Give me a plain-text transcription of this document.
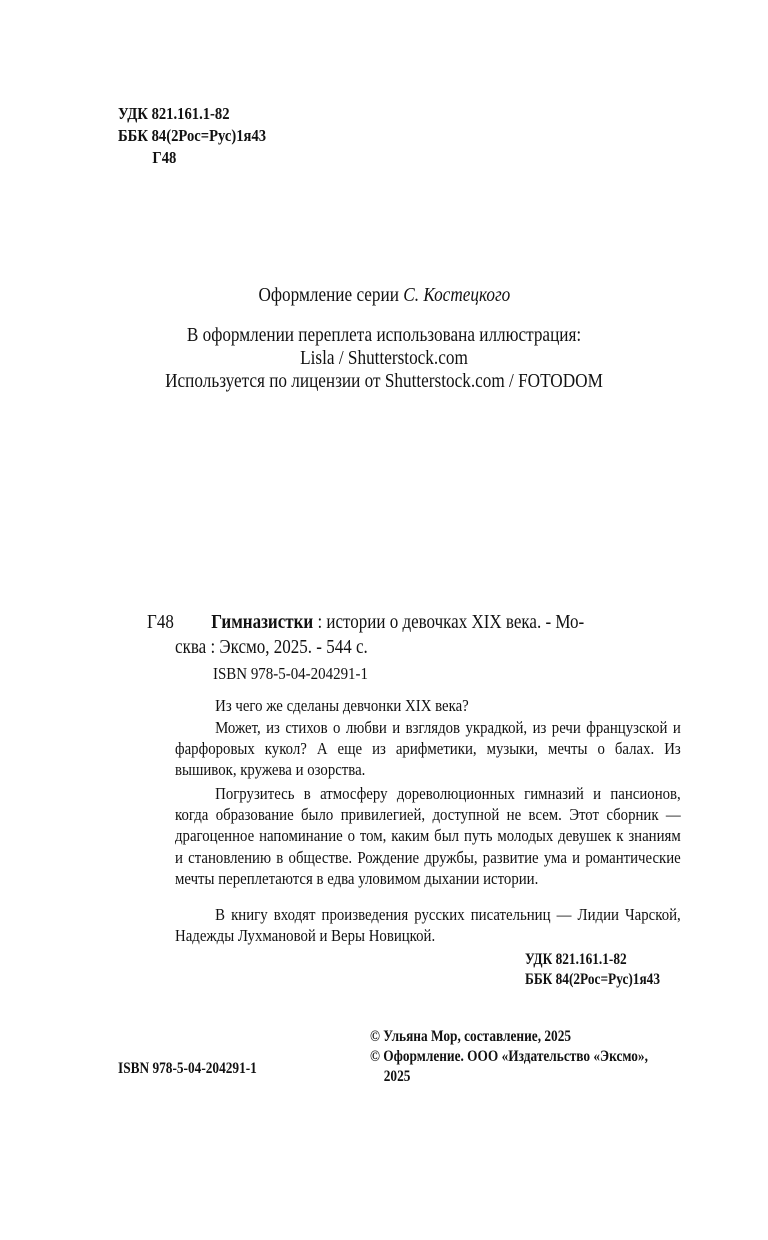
УДК 821.161.1-82
ББК 84(2Рос=Рус)1я43
Г48
Оформление серии С. Костецкого
В оформлении переплета использована иллюстрация:
Lisla / Shutterstock.com
Используется по лицензии от Shutterstock.com / FOTODOM
Г48 Гимназистки : истории о девочках XIX века. - Мо-
сква : Эксмо, 2025. - 544 с.
ISBN 978-5-04-204291-1
Из чего же сделаны девчонки XIX века?
Может, из стихов о любви и взглядов украдкой, из речи французской и фарфоровых кукол? А еще из арифметики, музыки, мечты о балах. Из вышивок, кружева и озорства.
Погрузитесь в атмосферу дореволюционных гимназий и пансионов, когда образование было привилегией, доступной не всем. Этот сборник — драгоценное напоминание о том, каким был путь молодых девушек к знаниям и становлению в обществе. Рождение дружбы, развитие ума и романтические мечты переплетаются в едва уловимом дыхании истории.
В книгу входят произведения русских писательниц — Лидии Чарской, Надежды Лухмановой и Веры Новицкой.
УДК 821.161.1-82
ББК 84(2Рос=Рус)1я43
ISBN 978-5-04-204291-1
© Ульяна Мор, составление, 2025
© Оформление. ООО «Издательство «Эксмо»,
2025
